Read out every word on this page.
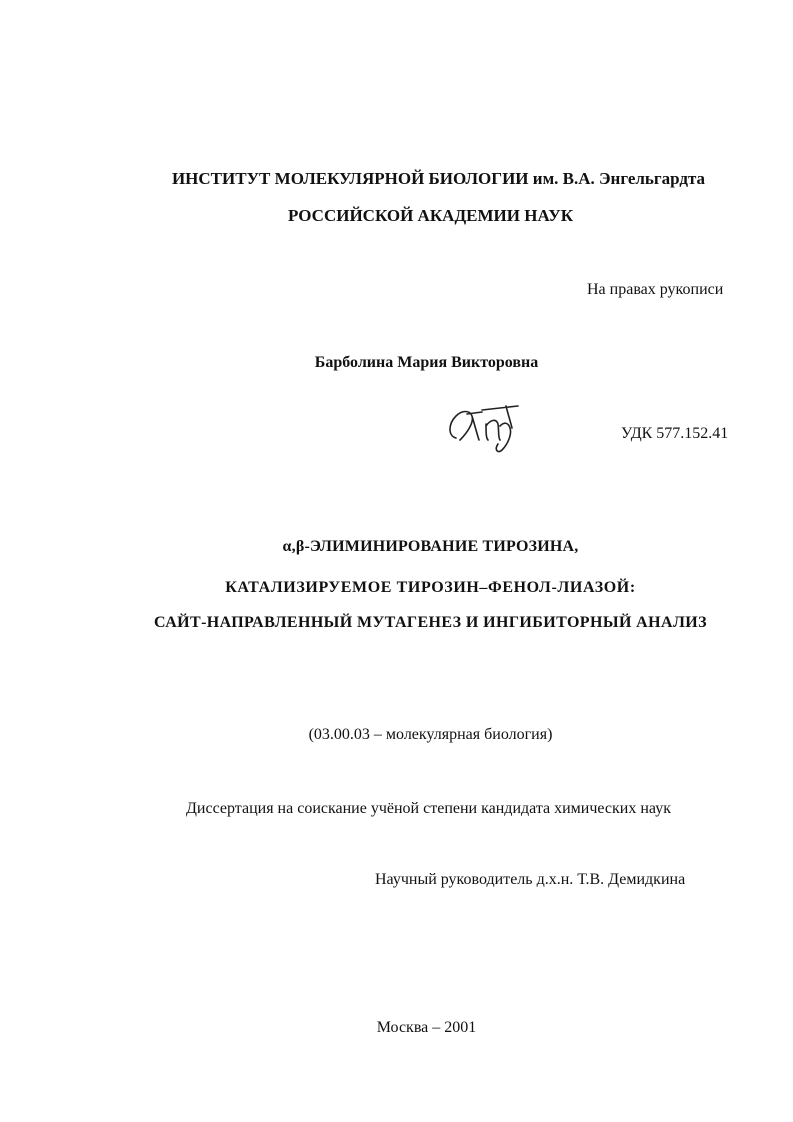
ИНСТИТУТ МОЛЕКУЛЯРНОЙ БИОЛОГИИ им. В.А. Энгельгардта
РОССИЙСКОЙ АКАДЕМИИ НАУК
На правах рукописи
Барболина Мария Викторовна
УДК 577.152.41
α,β-ЭЛИМИНИРОВАНИЕ ТИРОЗИНА,
КАТАЛИЗИРУЕМОЕ ТИРОЗИН–ФЕНОЛ-ЛИАЗОЙ:
САЙТ-НАПРАВЛЕННЫЙ МУТАГЕНЕЗ И ИНГИБИТОРНЫЙ АНАЛИЗ
(03.00.03 – молекулярная биология)
Диссертация на соискание учёной степени кандидата химических наук
Научный руководитель д.х.н. Т.В. Демидкина
Москва – 2001
